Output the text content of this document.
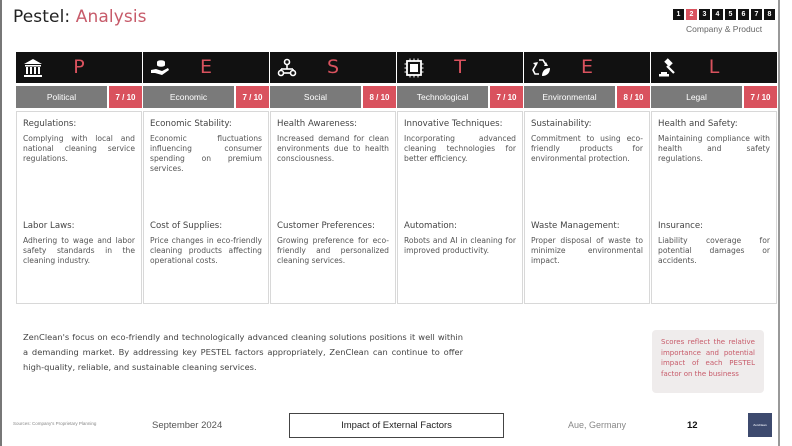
Pestel: Analysis	1	2	3	4	5	6	7	8
Company & Product
P
Political	7 / 10
Regulations:
Complying with local and national cleaning service regulations.
Labor Laws:
Adhering to wage and labor safety standards in the cleaning industry.
E
Economic	7 / 10
Economic Stability:
Economic fluctuations influencing consumer spending on premium services.
Cost of Supplies:
Price changes in eco-friendly cleaning products affecting operational costs.
S
Social	8 / 10
Health Awareness:
Increased demand for clean environments due to health consciousness.
Customer Preferences:
Growing preference for eco-friendly and personalized cleaning services.
T
Technological	7 / 10
Innovative Techniques:
Incorporating advanced cleaning technologies for better efficiency.
Automation:
Robots and AI in cleaning for improved productivity.
E
Environmental	8 / 10
Sustainability:
Commitment to using eco-friendly products for environmental protection.
Waste Management:
Proper disposal of waste to minimize environmental impact.
L
Legal	7 / 10
Health and Safety:
Maintaining compliance with health and safety regulations.
Insurance:
Liability coverage for potential damages or accidents.
ZenClean's focus on eco-friendly and technologically advanced cleaning solutions positions it well within a demanding market. By addressing key PESTEL factors appropriately, ZenClean can continue to offer high-quality, reliable, and sustainable cleaning services.
Scores reflect the relative importance and potential impact of each PESTEL factor on the business
Sources: Company's Proprietary Planning	September 2024	Impact of External Factors	Aue, Germany	12	ZenClean
